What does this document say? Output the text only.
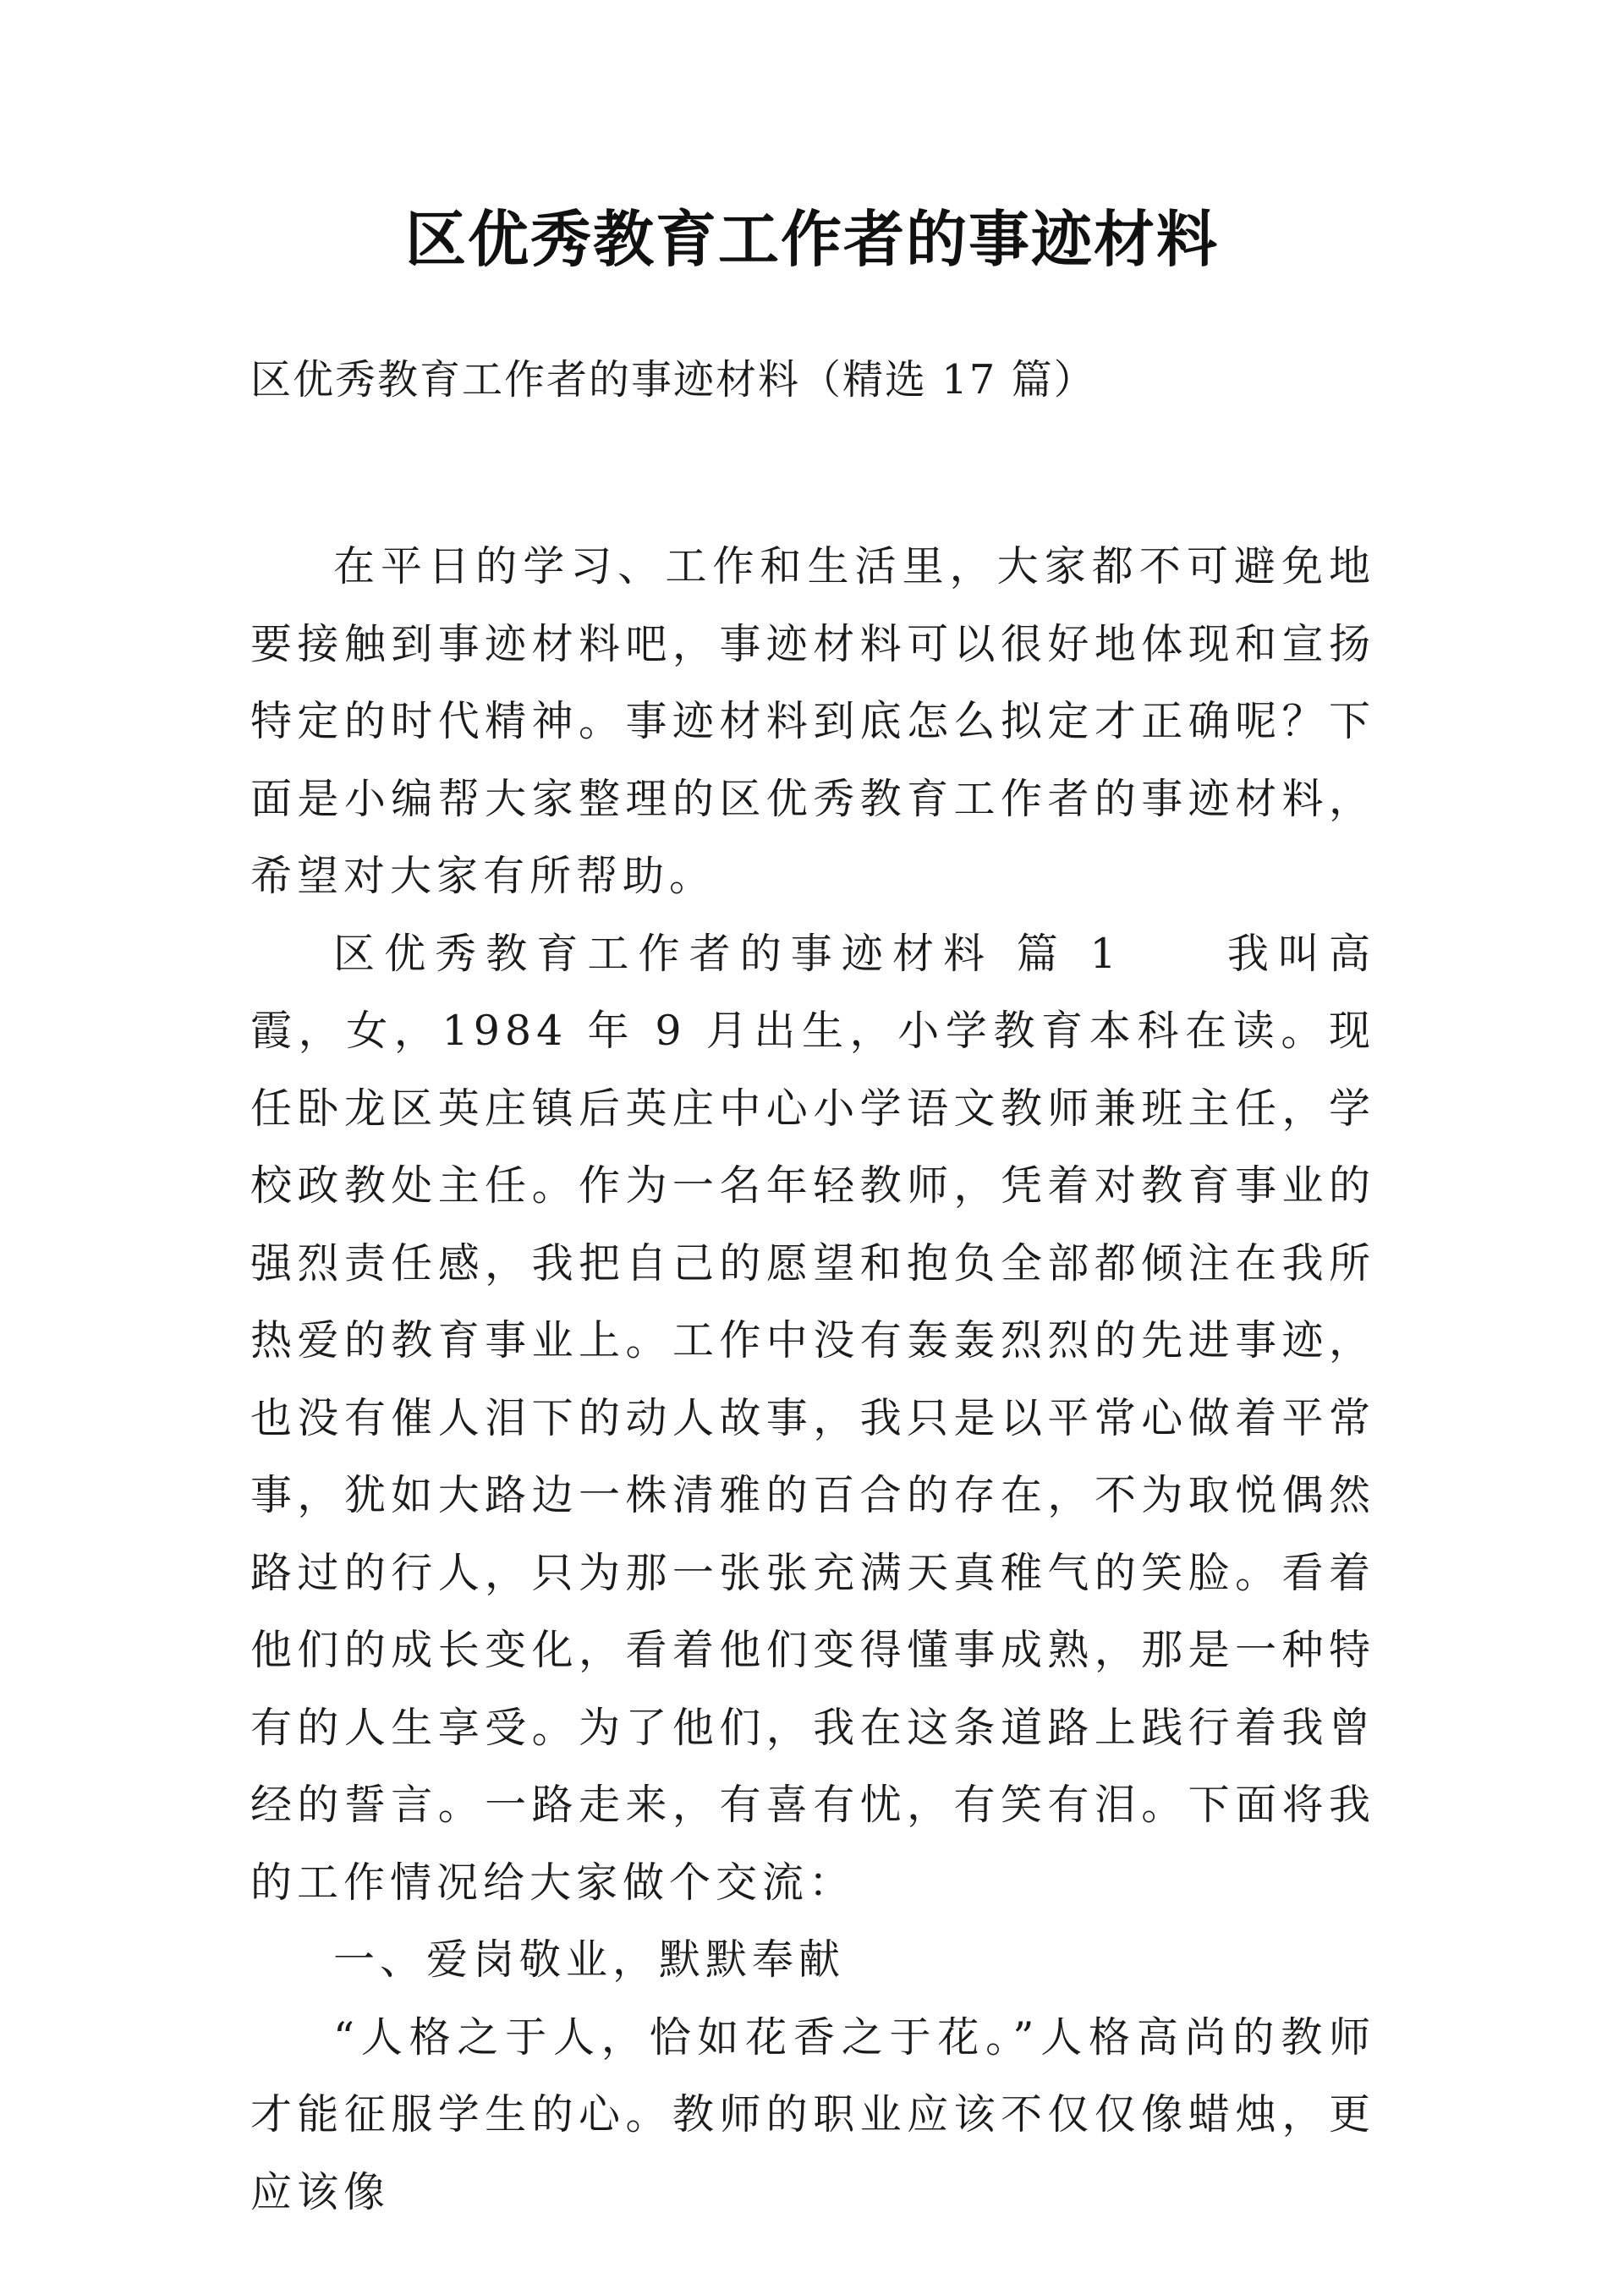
区优秀教育工作者的事迹材料
区优秀教育工作者的事迹材料（精选 17 篇）

在平日的学习、工作和生活里，大家都不可避免地要接触到事迹材料吧，事迹材料可以很好地体现和宣扬特定的时代精神。事迹材料到底怎么拟定才正确呢？下面是小编帮大家整理的区优秀教育工作者的事迹材料，希望对大家有所帮助。

区优秀教育工作者的事迹材料 篇 1 我叫高霞，女，1984 年 9 月出生，小学教育本科在读。现任卧龙区英庄镇后英庄中心小学语文教师兼班主任，学校政教处主任。作为一名年轻教师，凭着对教育事业的强烈责任感，我把自己的愿望和抱负全部都倾注在我所热爱的教育事业上。工作中没有轰轰烈烈的先进事迹，也没有催人泪下的动人故事，我只是以平常心做着平常事，犹如大路边一株清雅的百合的存在，不为取悦偶然路过的行人，只为那一张张充满天真稚气的笑脸。看着他们的成长变化，看着他们变得懂事成熟，那是一种特有的人生享受。为了他们，我在这条道路上践行着我曾经的誓言。一路走来，有喜有忧，有笑有泪。下面将我的工作情况给大家做个交流：

一、爱岗敬业，默默奉献

“人格之于人，恰如花香之于花。”人格高尚的教师才能征服学生的心。教师的职业应该不仅仅像蜡烛，更应该像
